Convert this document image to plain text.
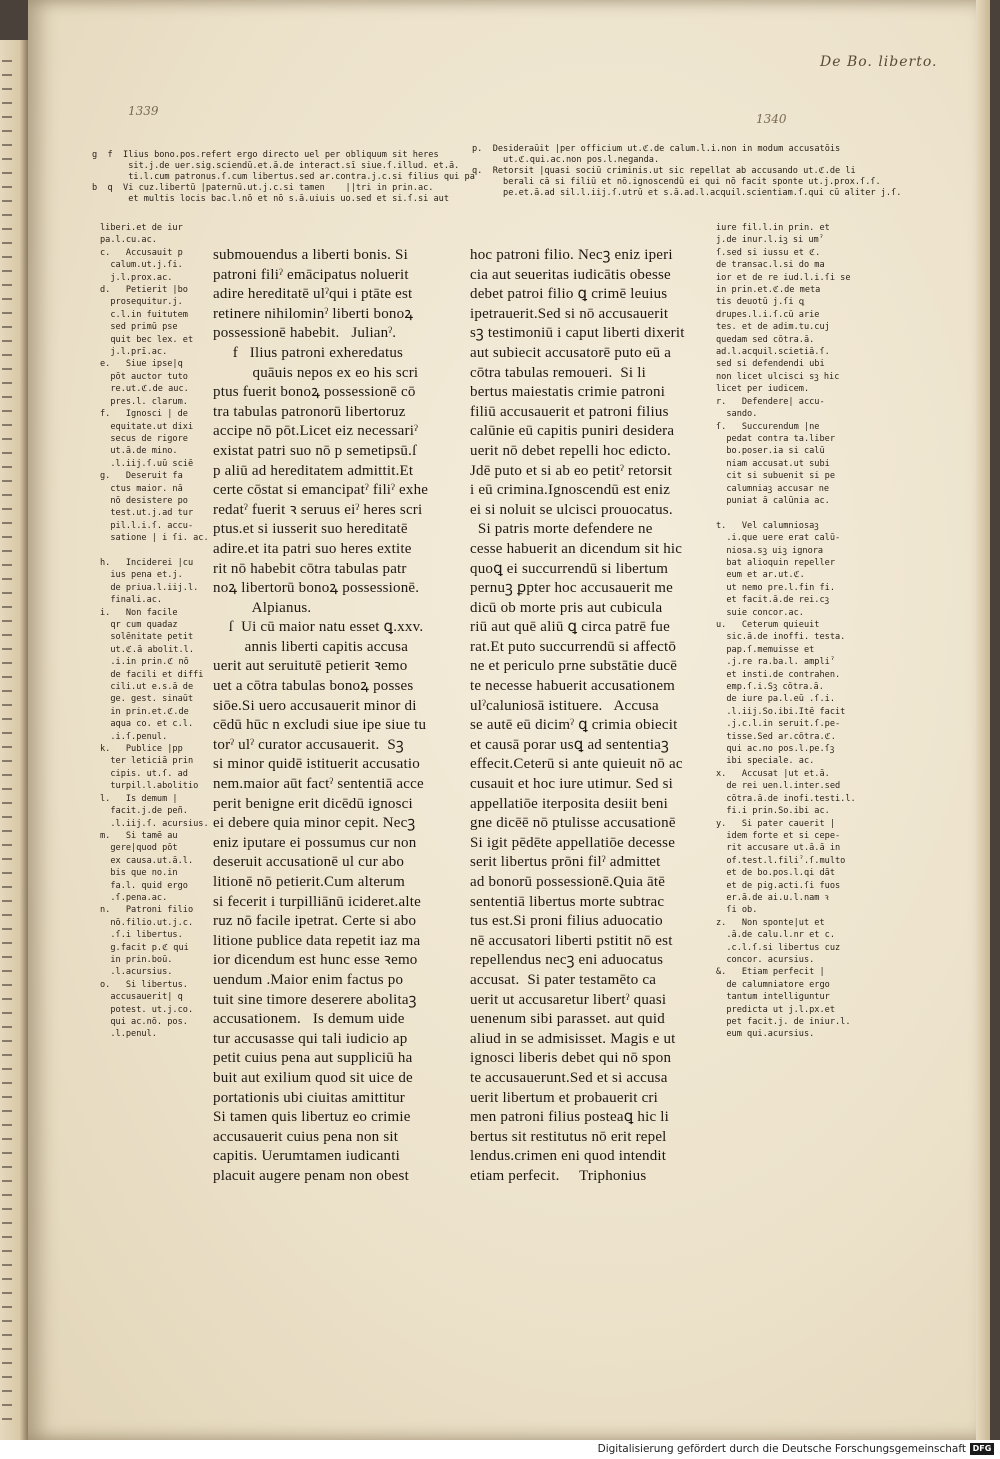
1339
1340
De Bo. liberto.
g  f  Ilius bono.pos.refert ergo directo uel per obliquum sit heres
sit.j.de uer.sig.sciendū.et.ā.de interact.sī siue.ſ.illud. et.ā.
ti.l.cum patronus.ſ.cum libertus.sed ar.contra.j.c.si filius qui pa
b  q  Vi cuz.libertū |paternū.ut.j.c.si tamen    ||tri in prin.ac.
et multis locis bac.l.nō et nō s.ā.uiuis uo.sed et si.ſ.si aut
p.  Desideraūit |per officium ut.ℭ.de calum.l.i.non in modum accusatōis
ut.ℭ.qui.ac.non pos.l.neganda.
q.  Retorsit |quasi sociū criminis.ut sic repellat ab accusando ut.ℭ.de li
berali cā si filiū et nō.ignoscendū ei qui nō facit sponte ut.j.prox.ſ.ſ.
pe.et.ā.ad sil.l.iij.ſ.utrū et s.ā.ad.l.acquil.scientiam.ſ.qui cū aliter j.ſ.
liberi.et de iur
pa.l.cu.ac.
c.   Accusauit p
calum.ut.j.ſi.
j.l.prox.ac.
d.   Petierit |bo
prosequitur.j.
c.l.in fuitutem
sed primū pse
quit bec lex. et
j.l.prī.ac.
e.   Siue ipse|q
pōt auctor tuto
re.ut.ℭ.de auc.
pres.l. clarum.
f.   Ignosci | de
equitate.ut dixi
secus de rigore
ut.ā.de mino.
.l.iij.ſ.uū sciē
g.   Deseruit fa
ctus maior. nā
nō desistere po
test.ut.j.ad tur
pil.l.i.ſ. accu-
satione | i ſi. ac.

h.   Inciderei |cu
ius pena et.j.
de priua.l.iij.l.
finali.ac.
i.   Non facile
qr cum quadaz
solēnitate petit
ut.ℭ.ā abolit.l.
.i.in prin.ℭ nō
de facili et diffi
cili.ut e.s.ā de
ge. gest. sinaūt
in prin.et.ℭ.de
aqua co. et c.l.
.i.ſ.penul.
k.   Publice |pp
ter leticiā prin
cipis. ut.ſ. ad
turpil.l.abolitio
l.   Is demum |
facit.j.de peñ.
.l.iij.ſ. acursius.
m.   Si tamē au
gere|quod pōt
ex causa.ut.ā.l.
bis que no.in
fa.l. quid ergo
.ſ.pena.ac.
n.   Patroni filio
nō.filio.ut.j.c.
.ſ.i libertus.
g.facit p.ℭ qui
in prin.boū.
.l.acursius.
o.   Si libertus.
accusauerit| q
potest. ut.j.co.
qui ac.nō. pos.
.l.penul.
submouendus a liberti bonis. Si
patroni filiˀ emācipatus noluerit
adire hereditatē ulˀqui i ptāte est
retinere nihilominˀ liberti bonoꝝ
possessionē habebit.   Julianˀ.
f   Ilius patroni exheredatus
quāuis nepos ex eo his scri
ptus fuerit bonoꝝ possessionē cō
tra tabulas patronorū libertoruz
accipe nō pōt.Licet eiz necessariˀ
existat patri suo nō p semetipsū.ſ
p aliū ad hereditatem admittit.Et
certe cōstat si emancipatˀ filiˀ exhe
redatˀ fuerit ꝛ seruus eiˀ heres scri
ptus.et si iusserit suo hereditatē
adire.et ita patri suo heres extite
rit nō habebit cōtra tabulas patr
noꝝ libertorū bonoꝝ possessionē.
Alpianus.
ſ  Ui cū maior natu esset ꝗ.xxv.
annis liberti capitis accusa
uerit aut seruitutē petierit ꝛemo
uet a cōtra tabulas bonoꝝ posses
siōe.Si uero accusauerit minor di
cēdū hūc n excludi siue ipe siue tu
torˀ ulˀ curator accusauerit.  Sꝫ
si minor quidē istituerit accusatio
nem.maior aūt factˀ sententiā acce
perit benigne erit dicēdū ignosci
ei debere quia minor cepit. Necꝫ
eniz iputare ei possumus cur non
deseruit accusationē ul cur abo
litionē nō petierit.Cum alterum
si fecerit i turpilliānū icideret.alte
ruz nō facile ipetrat. Certe si abo
litione publice data repetit iaz ma
ior dicendum est hunc esse ꝛemo
uendum .Maior enim factus po
tuit sine timore deserere abolitaꝫ
accusationem.   Is demum uide
tur accusasse qui tali iudicio ap
petit cuius pena aut suppliciū ha
buit aut exilium quod sit uice de
portationis ubi ciuitas amittitur
Si tamen quis libertuz eo crimie
accusauerit cuius pena non sit
capitis. Uerumtamen iudicanti
placuit augere penam non obest
hoc patroni filio. Necꝫ eniz iperi
cia aut seueritas iudicātis obesse
debet patroi filio ꝗ crimē leuius
ipetrauerit.Sed si nō accusauerit
sꝫ testimoniū i caput liberti dixerit
aut subiecit accusatorē puto eū a
cōtra tabulas remoueri.  Si li
bertus maiestatis crimie patroni
filiū accusauerit et patroni filius
calūnie eū capitis puniri desidera
uerit nō debet repelli hoc edicto.
Jdē puto et si ab eo petitˀ retorsit
i eū crimina.Ignoscendū est eniz
ei si noluit se ulcisci prouocatus.
Si patris morte defendere ne
cesse habuerit an dicendum sit hic
quoꝗ ei succurrendū si libertum
pernuꝫ ꝑpter hoc accusauerit me
dicū ob morte pris aut cubicula
riū aut quē aliū ꝗ circa patrē fue
rat.Et puto succurrendū si affectō
ne et periculo prne substātie ducē
te necesse habuerit accusationem
ulˀcaluniosā istituere.   Accusa
se autē eū dicimˀ ꝗ crimia obiecit
et causā porar usꝗ ad sententiaꝫ
effecit.Ceterū si ante quieuit nō ac
cusauit et hoc iure utimur. Sed si
appellatiōe iterposita desiit beni
gne dicēē nō ptulisse accusationē
Si igit pēdēte appellatiōe decesse
serit libertus prōni filˀ admittet
ad bonorū possessionē.Quia ātē
sententiā libertus morte subtrac
tus est.Si proni filius aduocatio
nē accusatori liberti pstitit nō est
repellendus necꝫ eni aduocatus
accusat.  Si pater testamēto ca
uerit ut accusaretur libertˀ quasi
uenenum sibi parasset. aut quid
aliud in se admisisset. Magis e ut
ignosci liberis debet qui nō spon
te accusauerunt.Sed et si accusa
uerit libertum et probauerit cri
men patroni filius posteaꝗ hic li
bertus sit restitutus nō erit repel
lendus.crimen eni quod intendit
etiam perfecit.     Triphonius
iure fil.l.in prin. et
j.de inur.l.iꝫ si umˀ
ſ.sed si iussu et ℭ.
de transac.l.si do ma
ior et de re iud.l.i.ſi se
in prin.et.ℭ.de meta
tis deuotū j.ſi ꝗ
drupes.l.i.ſ.cū arie
tes. et de adim.tu.cuj
quedam sed cōtra.ā.
ad.l.acquil.scietiā.ſ.
sed si defendendi ubi
non licet ulcisci sꝫ hic
licet per iudicem.
r.   Defendere| accu-
sando.
ſ.   Succurendum |ne
pedat contra ta.liber
bo.poser.ia si calū
niam accusat.ut subi
cit si subuenit si pe
calumniaꝫ accusar ne
puniat ā calūnia ac.

t.   Vel calumniosaꝫ
.i.que uere erat calū-
niosa.sꝫ uiꝫ ignora
bat alioquin repeller
eum et ar.ut.ℭ.
ut nemo pre.l.fin fi.
et facit.ā.de rei.cꝫ
suie concor.ac.
u.   Ceterum quieuit
sic.ā.de inoffi. testa.
pap.ſ.memuisse et
.j.re ra.ba.l. ampliˀ
et insti.de contrahen.
emp.ſ.i.Sꝫ cōtra.ā.
de iure pa.l.eū .ſ.i.
.l.iij.So.ibi.Itē facit
.j.c.l.in seruit.ſ.pe-
tisse.Sed ar.cōtra.ℭ.
qui ac.no pos.l.pe.ſꝫ
ibi speciale. ac.
x.   Accusat |ut et.ā.
de rei uen.l.inter.sed
cōtra.ā.de inofi.testi.l.
fi.i prin.So.ibi ac.
y.   Si pater cauerit |
idem forte et si cepe-
rit accusare ut.ā.ā in
of.test.l.filiˀ.ſ.multo
et de bo.pos.l.qi dāt
et de pig.acti.ſi fuos
er.ā.de ai.u.l.nam ꝛ
ſi ob.
z.   Non sponte|ut et
.ā.de calu.l.nr et c.
.c.l.ſ.si libertus cuz
concor. acursius.
&.   Etiam perfecit |
de calumniatore ergo
tantum intelliguntur
predicta ut j.l.px.et
pet facit.j. de iniur.l.
eum qui.acursius.
Digitalisierung gefördert durch die Deutsche Forschungsgemeinschaft DFG
